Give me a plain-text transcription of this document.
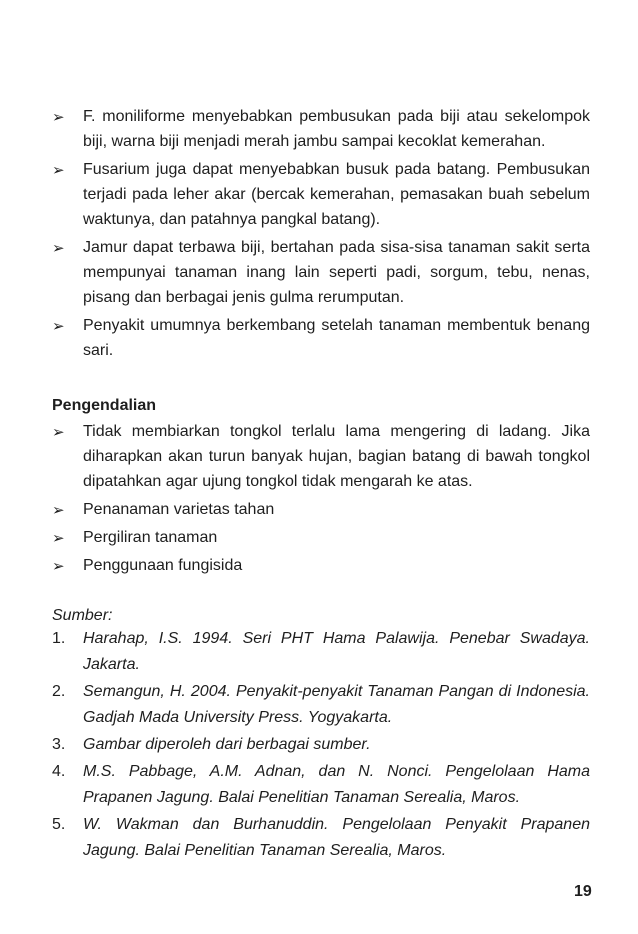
➢ F. moniliforme menyebabkan pembusukan pada biji atau sekelompok biji, warna biji menjadi merah jambu sampai kecoklat kemerahan.
➢ Fusarium juga dapat menyebabkan busuk pada batang. Pembusukan terjadi pada leher akar (bercak kemerahan, pemasakan buah sebelum waktunya, dan patahnya pangkal batang).
➢ Jamur dapat terbawa biji, bertahan pada sisa-sisa tanaman sakit serta mempunyai tanaman inang lain seperti padi, sorgum, tebu, nenas, pisang dan berbagai jenis gulma rerumputan.
➢ Penyakit umumnya berkembang setelah tanaman membentuk benang sari.
Pengendalian
➢ Tidak membiarkan tongkol terlalu lama mengering di ladang. Jika diharapkan akan turun banyak hujan, bagian batang di bawah tongkol dipatahkan agar ujung tongkol tidak mengarah ke atas.
➢ Penanaman varietas tahan
➢ Pergiliran tanaman
➢ Penggunaan fungisida
Sumber:
1. Harahap, I.S. 1994. Seri PHT Hama Palawija. Penebar Swadaya. Jakarta.
2. Semangun, H. 2004. Penyakit-penyakit Tanaman Pangan di Indonesia. Gadjah Mada University Press. Yogyakarta.
3. Gambar diperoleh dari berbagai sumber.
4. M.S. Pabbage, A.M. Adnan, dan N. Nonci. Pengelolaan Hama Prapanen Jagung. Balai Penelitian Tanaman Serealia, Maros.
5. W. Wakman dan Burhanuddin. Pengelolaan Penyakit Prapanen Jagung. Balai Penelitian Tanaman Serealia, Maros.
19
